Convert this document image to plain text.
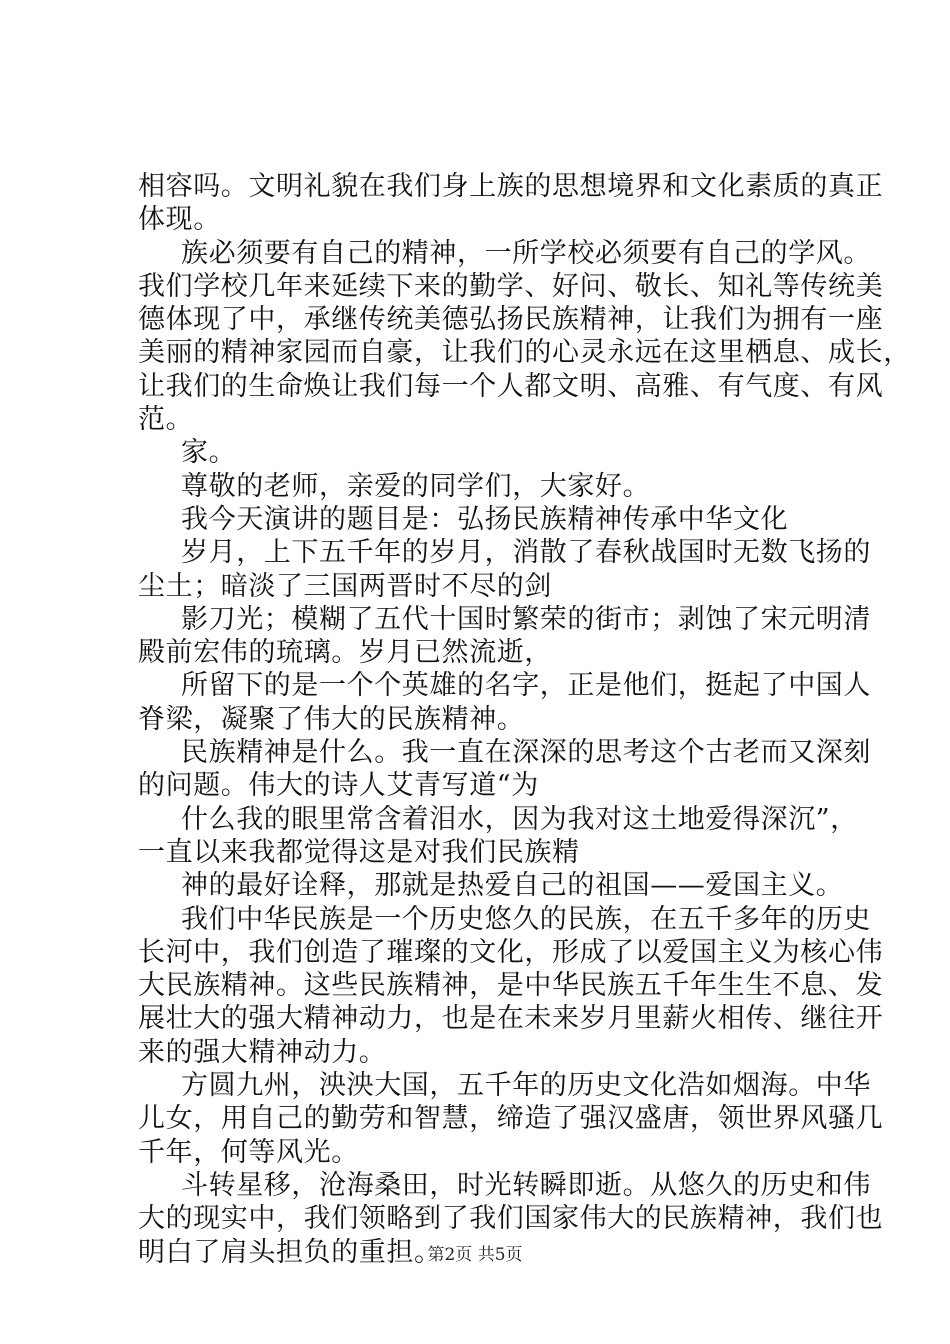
相容吗。文明礼貌在我们身上族的思想境界和文化素质的真正
体现。
族必须要有自己的精神，一所学校必须要有自己的学风。
我们学校几年来延续下来的勤学、好问、敬长、知礼等传统美
德体现了中，承继传统美德弘扬民族精神，让我们为拥有一座
美丽的精神家园而自豪，让我们的心灵永远在这里栖息、成长，
让我们的生命焕让我们每一个人都文明、高雅、有气度、有风
范。
家。
尊敬的老师，亲爱的同学们，大家好。
我今天演讲的题目是：弘扬民族精神传承中华文化
岁月，上下五千年的岁月，消散了春秋战国时无数飞扬的
尘土；暗淡了三国两晋时不尽的剑
影刀光；模糊了五代十国时繁荣的街市；剥蚀了宋元明清
殿前宏伟的琉璃。岁月已然流逝，
所留下的是一个个英雄的名字，正是他们，挺起了中国人
脊梁，凝聚了伟大的民族精神。
民族精神是什么。我一直在深深的思考这个古老而又深刻
的问题。伟大的诗人艾青写道“为
什么我的眼里常含着泪水，因为我对这土地爱得深沉”，
一直以来我都觉得这是对我们民族精
神的最好诠释，那就是热爱自己的祖国——爱国主义。
我们中华民族是一个历史悠久的民族，在五千多年的历史
长河中，我们创造了璀璨的文化，形成了以爱国主义为核心伟
大民族精神。这些民族精神，是中华民族五千年生生不息、发
展壮大的强大精神动力，也是在未来岁月里薪火相传、继往开
来的强大精神动力。
方圆九州，泱泱大国，五千年的历史文化浩如烟海。中华
儿女，用自己的勤劳和智慧，缔造了强汉盛唐，领世界风骚几
千年，何等风光。
斗转星移，沧海桑田，时光转瞬即逝。从悠久的历史和伟
大的现实中，我们领略到了我们国家伟大的民族精神，我们也
明白了肩头担负的重担。
第2页 共5页
